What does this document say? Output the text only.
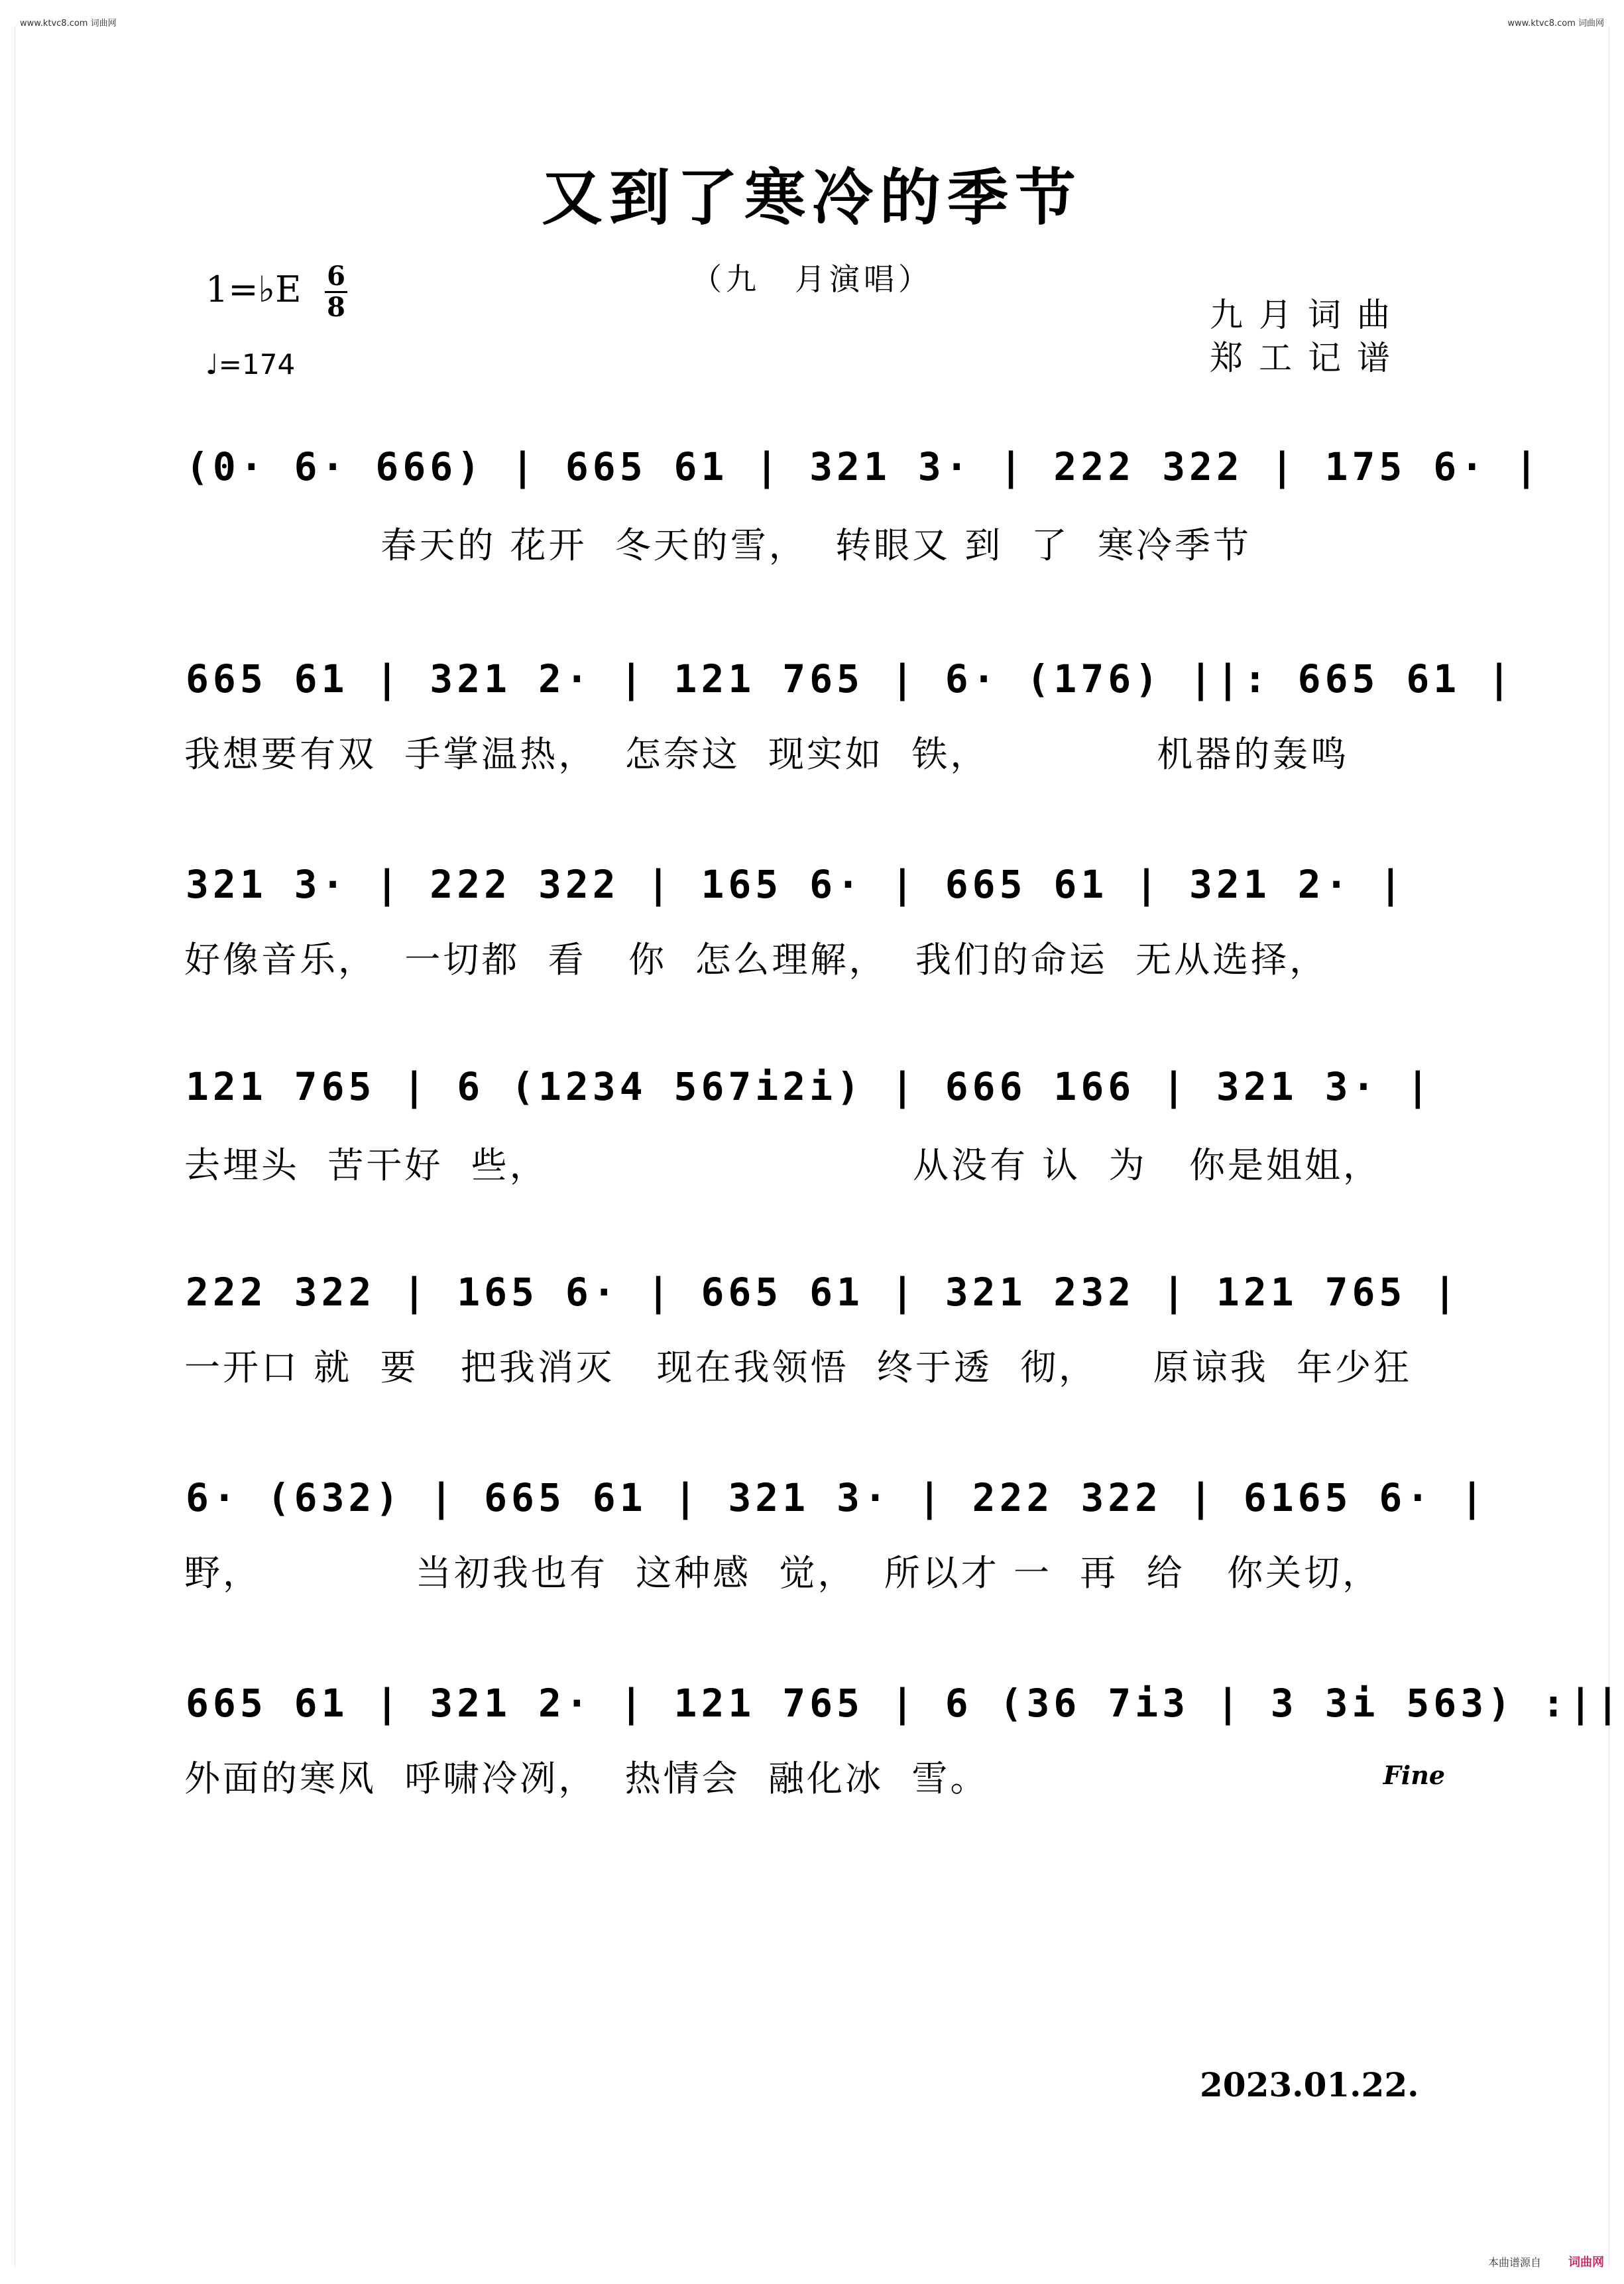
www.ktvc8.com 词曲网	www.ktvc8.com 词曲网
又到了寒冷的季节
（九　月演唱）
1=♭E 6
8
♩=174
九月词曲
郑工记谱
(0· 6· 666) | 665 61 | 321 3· | 222 322 | 175 6· |
春天的 花开  冬天的雪，  转眼又 到  了  寒冷季节
665 61 | 321 2· | 121 765 | 6· (176) ||: 665 61 |
我想要有双  手掌温热，  怎奈这  现实如  铁，            机器的轰鸣
321 3· | 222 322 | 165 6· | 665 61 | 321 2· |
好像音乐，  一切都  看   你  怎么理解，  我们的命运  无从选择，
121 765 | 6 (1234 567i2i) | 666 166 | 321 3· |
去埋头  苦干好  些，                          从没有 认  为   你是姐姐，
222 322 | 165 6· | 665 61 | 321 232 | 121 765 |
一开口 就  要   把我消灭   现在我领悟  终于透  彻，    原谅我  年少狂
6· (632) | 665 61 | 321 3· | 222 322 | 6165 6· |
野，           当初我也有  这种感  觉，  所以才 一  再  给   你关切，
665 61 | 321 2· | 121 765 | 6 (36 7i3 | 3 3i 563) :||
外面的寒风  呼啸冷冽，  热情会  融化冰  雪。	Fine
2023.01.22.
本曲谱源自 词曲网
